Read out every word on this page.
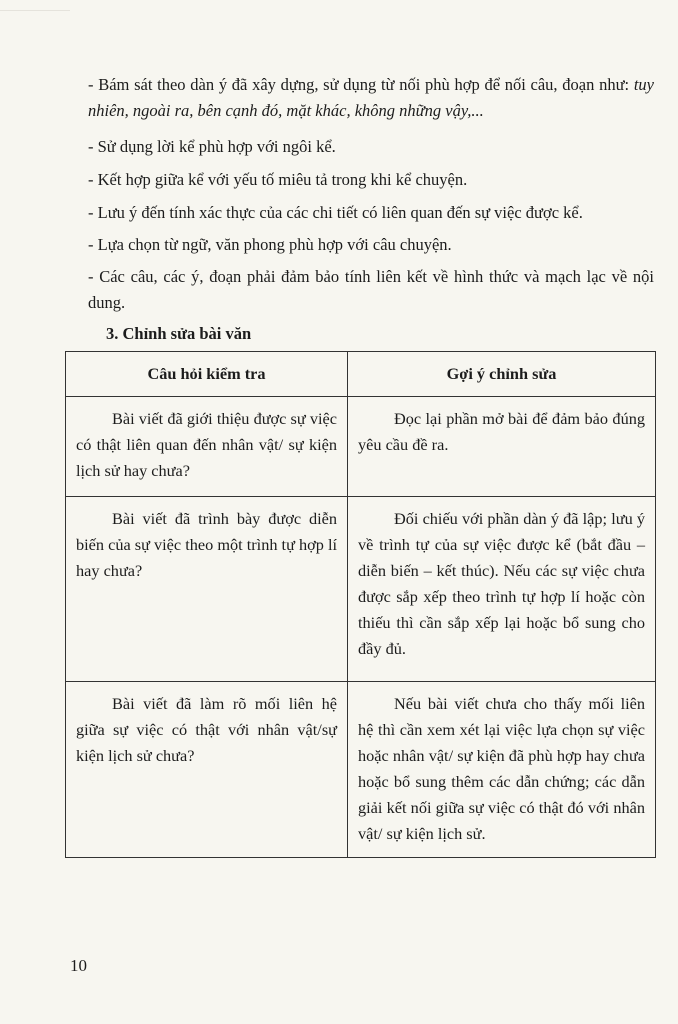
- Bám sát theo dàn ý đã xây dựng, sử dụng từ nối phù hợp để nối câu, đoạn như: tuy nhiên, ngoài ra, bên cạnh đó, mặt khác, không những vậy,...

- Sử dụng lời kể phù hợp với ngôi kể.

- Kết hợp giữa kể với yếu tố miêu tả trong khi kể chuyện.

- Lưu ý đến tính xác thực của các chi tiết có liên quan đến sự việc được kể.

- Lựa chọn từ ngữ, văn phong phù hợp với câu chuyện.

- Các câu, các ý, đoạn phải đảm bảo tính liên kết về hình thức và mạch lạc về nội dung.

3. Chỉnh sửa bài văn

Câu hỏi kiểm tra	Gợi ý chỉnh sửa
Bài viết đã giới thiệu được sự việc có thật liên quan đến nhân vật/ sự kiện lịch sử hay chưa?	Đọc lại phần mở bài để đảm bảo đúng yêu cầu đề ra.
Bài viết đã trình bày được diễn biến của sự việc theo một trình tự hợp lí hay chưa?	Đối chiếu với phần dàn ý đã lập; lưu ý về trình tự của sự việc được kể (bắt đầu – diễn biến – kết thúc). Nếu các sự việc chưa được sắp xếp theo trình tự hợp lí hoặc còn thiếu thì cần sắp xếp lại hoặc bổ sung cho đầy đủ.
Bài viết đã làm rõ mối liên hệ giữa sự việc có thật với nhân vật/sự kiện lịch sử chưa?	Nếu bài viết chưa cho thấy mối liên hệ thì cần xem xét lại việc lựa chọn sự việc hoặc nhân vật/ sự kiện đã phù hợp hay chưa hoặc bổ sung thêm các dẫn chứng; các dẫn giải kết nối giữa sự việc có thật đó với nhân vật/ sự kiện lịch sử.
10
